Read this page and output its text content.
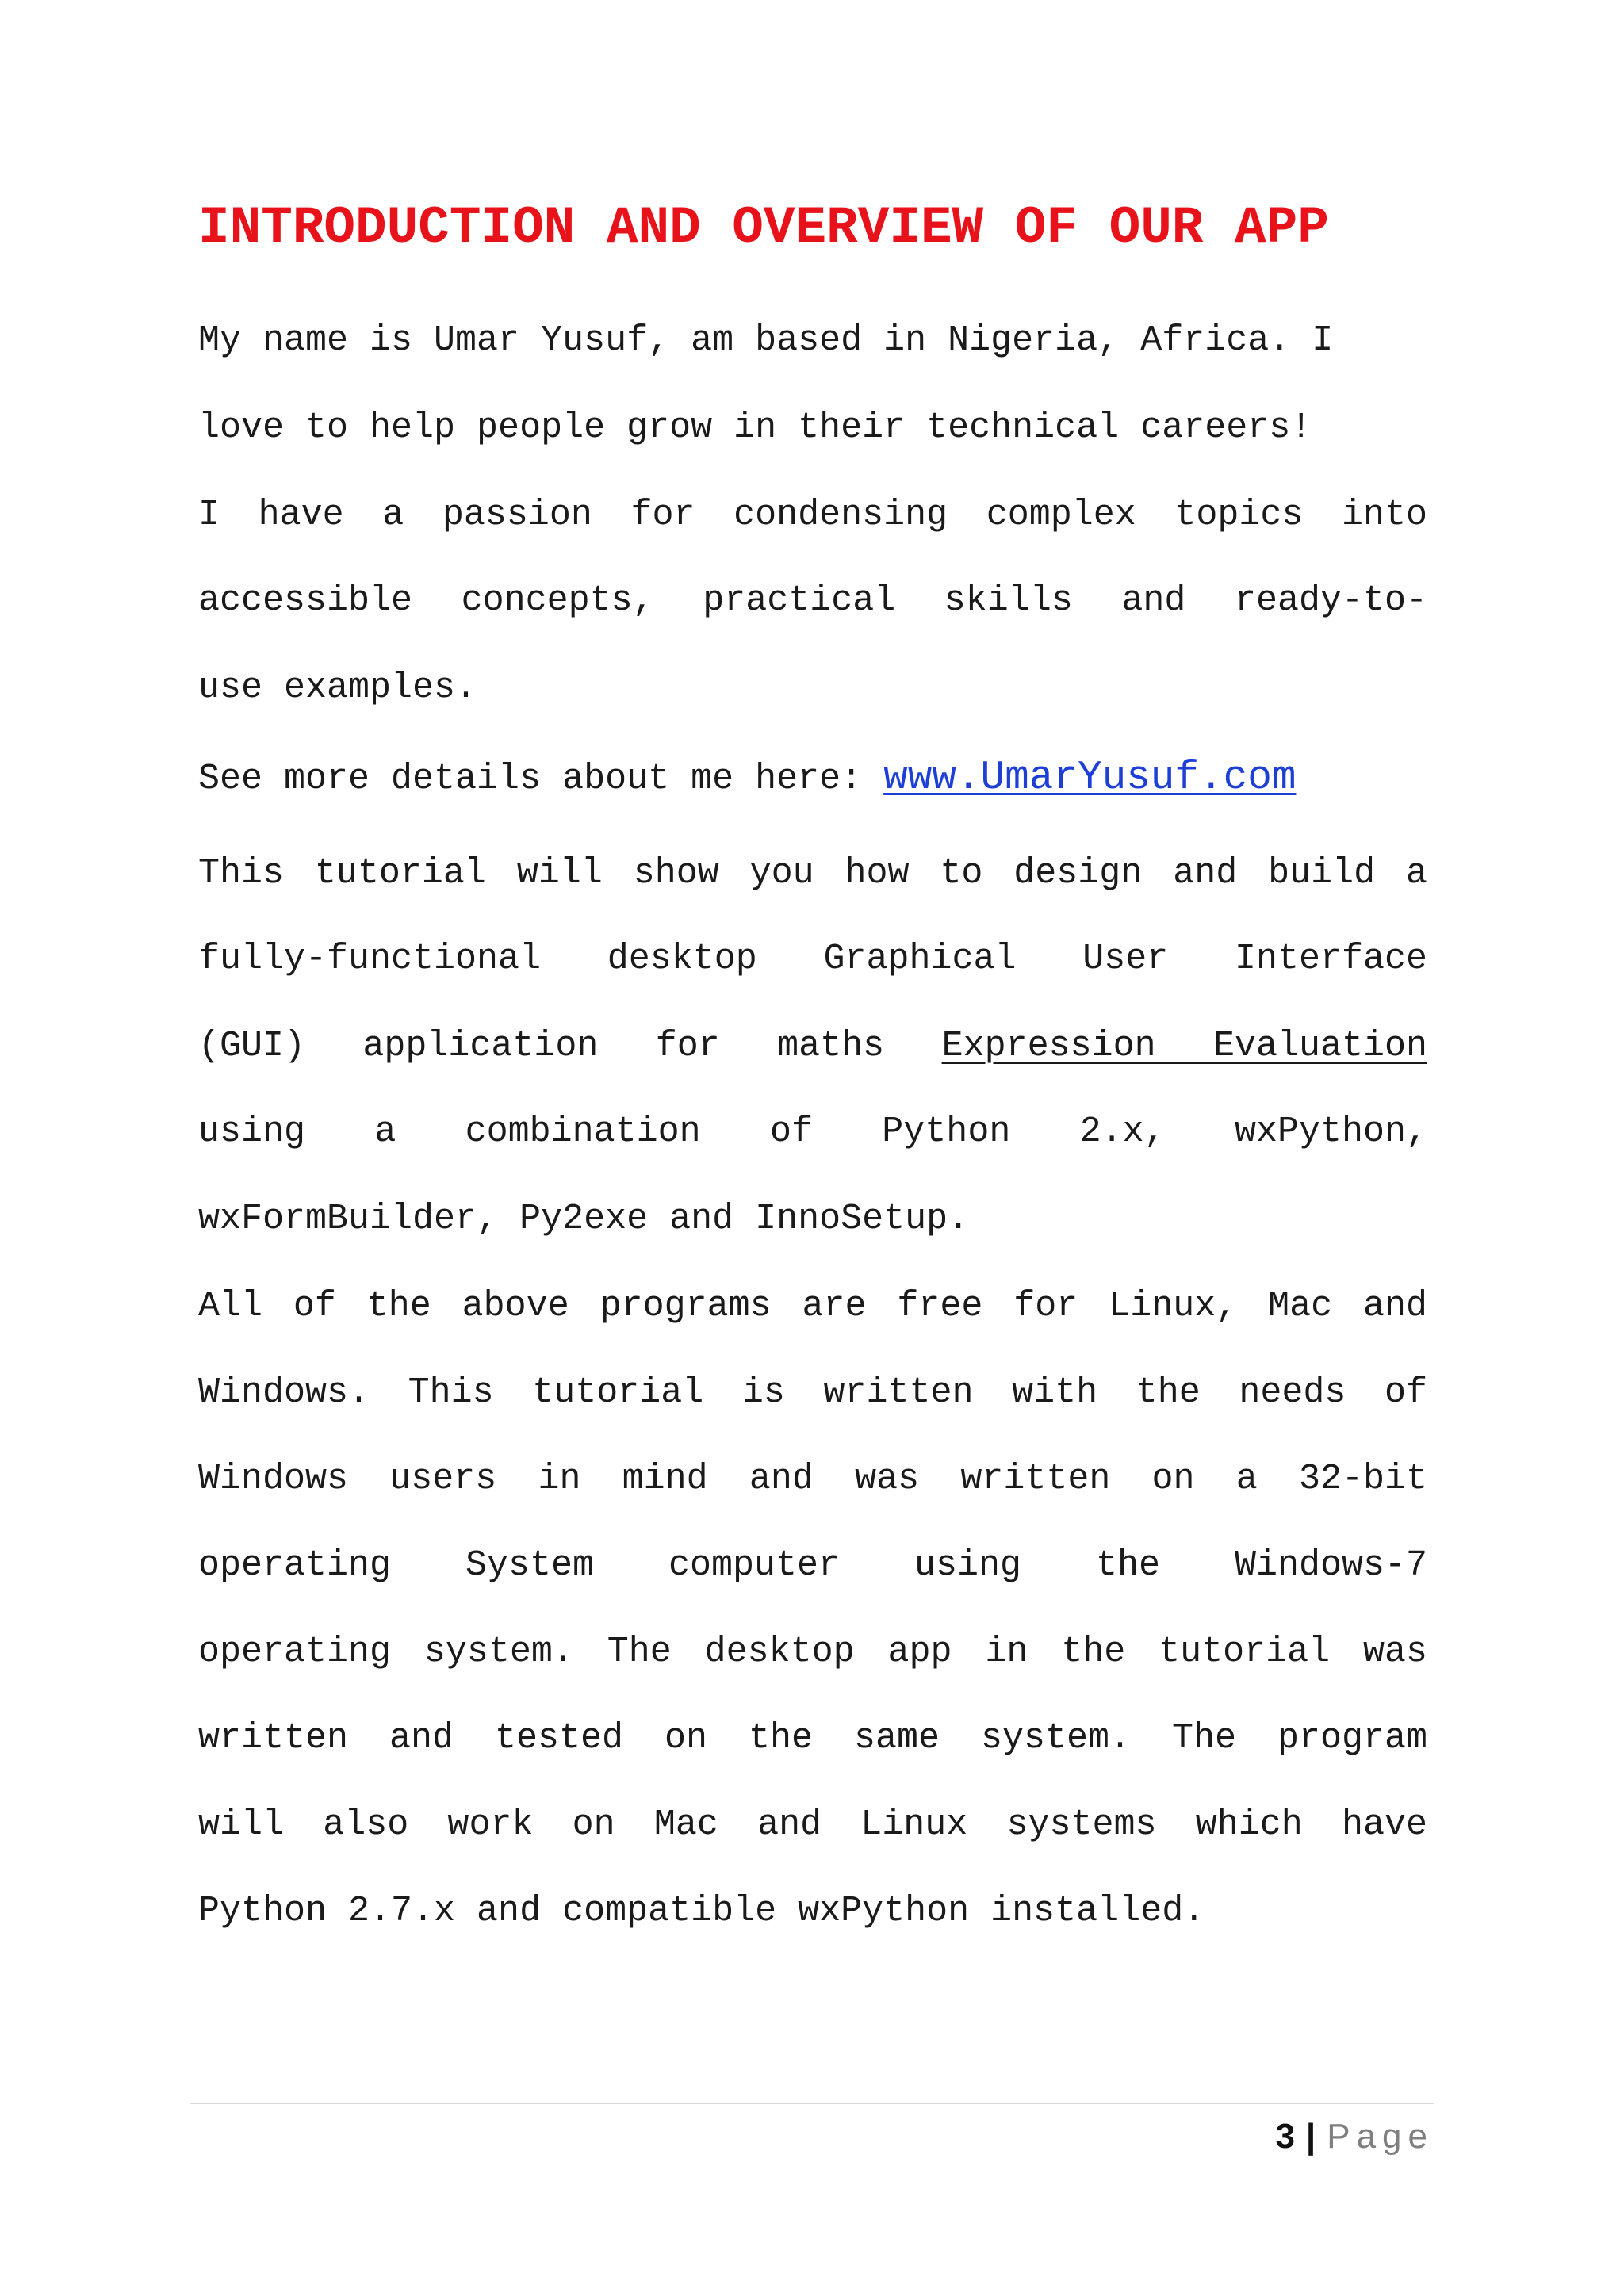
INTRODUCTION AND OVERVIEW OF OUR APP
My name is Umar Yusuf, am based in Nigeria, Africa. I
love to help people grow in their technical careers!
I have a passion for condensing complex topics into
accessible concepts, practical skills and ready-to-
use examples.
See more details about me here: www.UmarYusuf.com
This tutorial will show you how to design and build a
fully-functional desktop Graphical User Interface
(GUI) application for maths Expression Evaluation
using a combination of Python 2.x, wxPython,
wxFormBuilder, Py2exe and InnoSetup.
All of the above programs are free for Linux, Mac and
Windows. This tutorial is written with the needs of
Windows users in mind and was written on a 32-bit
operating System computer using the Windows-7
operating system. The desktop app in the tutorial was
written and tested on the same system. The program
will also work on Mac and Linux systems which have
Python 2.7.x and compatible wxPython installed.
3 | Page
